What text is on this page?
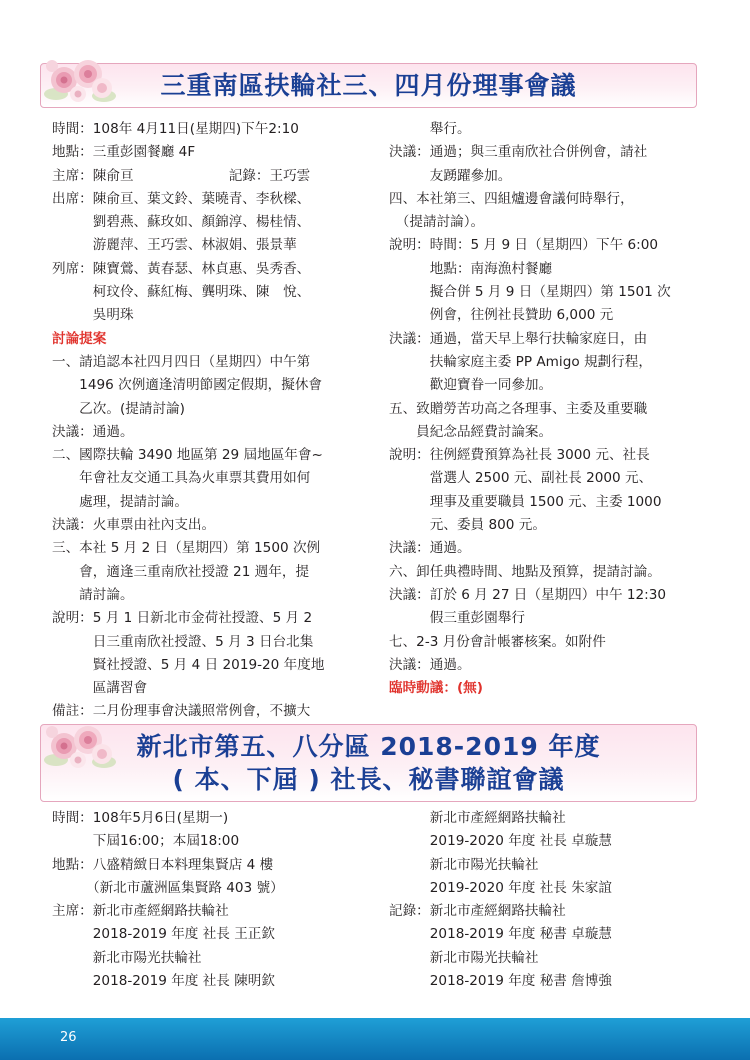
三重南區扶輪社三、四月份理事會議
時間：108年 4月11日(星期四)下午2:10
地點：三重彭園餐廳 4F
主席：陳俞亘　　　　　　　記錄：王巧雲
出席：陳俞亘、葉文鈴、葉曉青、李秋樑、
　　　劉碧燕、蘇玫如、顏錦淳、楊桂情、
　　　游麗萍、王巧雲、林淑娟、張景華
列席：陳寶鶯、黃春瑟、林貞惠、吳秀香、
　　　柯玟伶、蘇紅梅、龔明珠、陳　悅、
　　　吳明珠
討論提案
一、請追認本社四月四日（星期四）中午第
　　1496 次例適逢清明節國定假期，擬休會
　　乙次。(提請討論)
決議：通過。
二、國際扶輪 3490 地區第 29 屆地區年會~
　　年會社友交通工具為火車票其費用如何
　　處理，提請討論。
決議：火車票由社內支出。
三、本社 5 月 2 日（星期四）第 1500 次例
　　會，適逢三重南欣社授證 21 週年，提
　　請討論。
說明：5 月 1 日新北市金荷社授證、5 月 2
　　　日三重南欣社授證、5 月 3 日台北集
　　　賢社授證、5 月 4 日 2019-20 年度地
　　　區講習會
備註：二月份理事會決議照常例會，不擴大
　　　舉行。
決議：通過；與三重南欣社合併例會，請社
　　　友踴躍參加。
四、本社第三、四組爐邊會議何時舉行，
　（提請討論）。
說明：時間：5 月 9 日（星期四）下午 6:00
　　　地點：南海漁村餐廳
　　　擬合併 5 月 9 日（星期四）第 1501 次
　　　例會，往例社長贊助 6,000 元
決議：通過，當天早上舉行扶輪家庭日，由
　　　扶輪家庭主委 PP Amigo 規劃行程，
　　　歡迎寶眷一同參加。
五、致贈勞苦功高之各理事、主委及重要職
　　員紀念品經費討論案。
說明：往例經費預算為社長 3000 元、社長
　　　當選人 2500 元、副社長 2000 元、
　　　理事及重要職員 1500 元、主委 1000
　　　元、委員 800 元。
決議：通過。
六、卸任典禮時間、地點及預算，提請討論。
決議：訂於 6 月 27 日（星期四）中午 12:30
　　　假三重彭園舉行
七、2-3 月份會計帳審核案。如附件
決議：通過。
臨時動議：(無)
新北市第五、八分區 2018-2019 年度
( 本、下屆 ) 社長、秘書聯誼會議
時間：108年5月6日(星期一)
　　　下屆16:00；本屆18:00
地點：八盛精緻日本料理集賢店 4 樓
　　　（新北市蘆洲區集賢路 403 號）
主席：新北市產經網路扶輪社
　　　2018-2019 年度 社長 王正欽
　　　新北市陽光扶輪社
　　　2018-2019 年度 社長 陳明欽
　　　新北市產經網路扶輪社
　　　2019-2020 年度 社長 卓璇慧
　　　新北市陽光扶輪社
　　　2019-2020 年度 社長 朱家誼
記錄：新北市產經網路扶輪社
　　　2018-2019 年度 秘書 卓璇慧
　　　新北市陽光扶輪社
　　　2018-2019 年度 秘書 詹博強
26
